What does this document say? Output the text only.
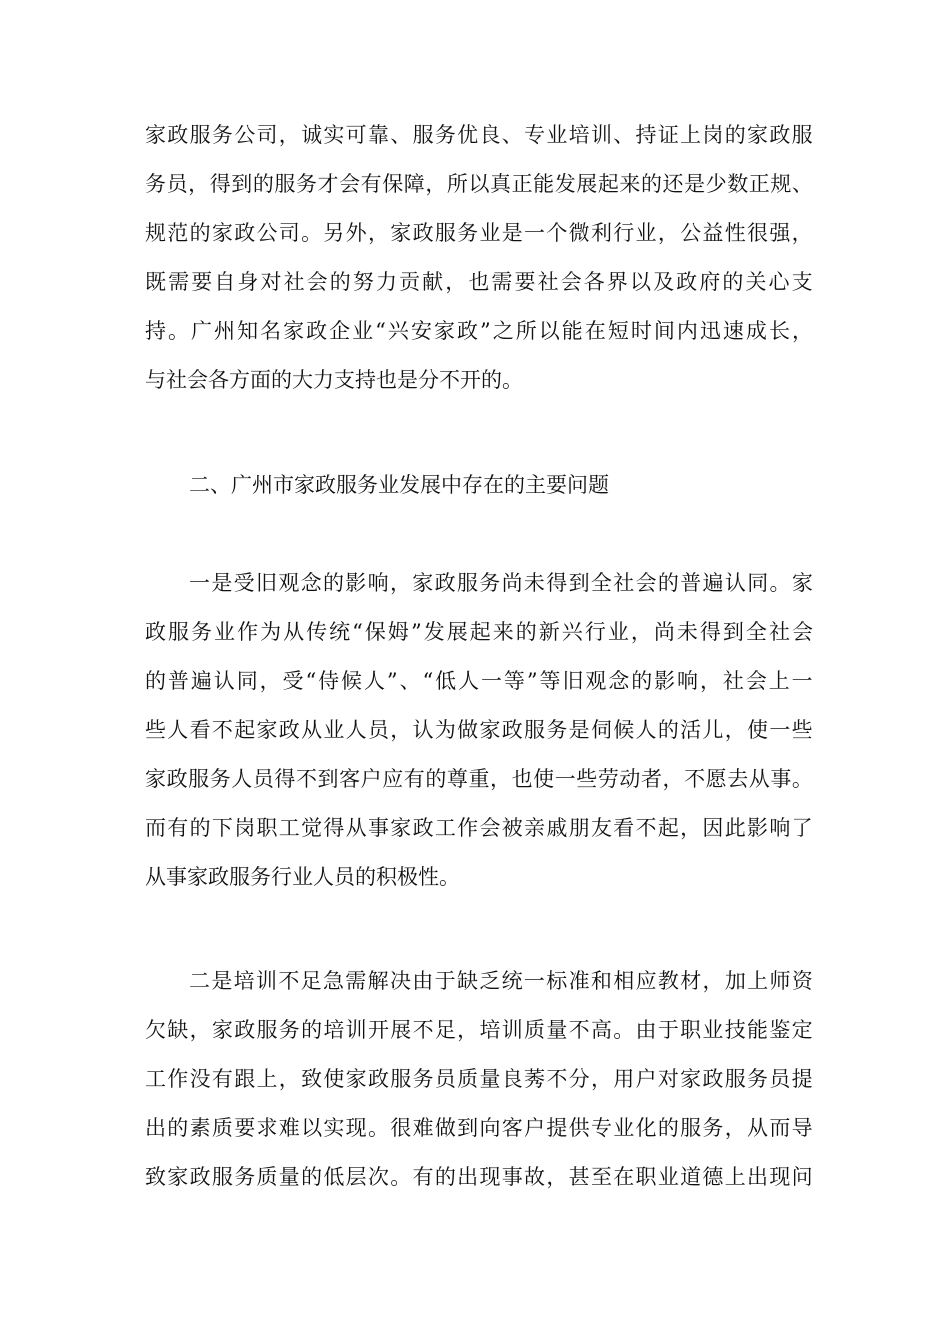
家 政 服 务 公 司 ， 诚 实 可 靠 、 服 务 优 良 、 专 业 培 训 、 持 证 上 岗 的 家 政 服
务 员 ， 得 到 的 服 务 才 会 有 保 障 ， 所 以 真 正 能 发 展 起 来 的 还 是 少 数 正 规 、
规 范 的 家 政 公 司 。 另 外 ， 家 政 服 务 业 是 一 个 微 利 行 业 ， 公 益 性 很 强 ，
既 需 要 自 身 对 社 会 的 努 力 贡 献 ， 也 需 要 社 会 各 界 以 及 政 府 的 关 心 支
持 。 广 州 知 名 家 政 企 业 “ 兴 安 家 政 ” 之 所 以 能 在 短 时 间 内 迅 速 成 长 ，
与社会各方面的大力支持也是分不开的。
二、广州市家政服务业发展中存在的主要问题
一 是 受 旧 观 念 的 影 响 ， 家 政 服 务 尚 未 得 到 全 社 会 的 普 遍 认 同 。 家
政 服 务 业 作 为 从 传 统 “ 保 姆 ” 发 展 起 来 的 新 兴 行 业 ， 尚 未 得 到 全 社 会
的 普 遍 认 同 ， 受 “ 侍 候 人 ” 、 “ 低 人 一 等 ” 等 旧 观 念 的 影 响 ， 社 会 上 一
些 人 看 不 起 家 政 从 业 人 员 ， 认 为 做 家 政 服 务 是 伺 候 人 的 活 儿 ， 使 一 些
家 政 服 务 人 员 得 不 到 客 户 应 有 的 尊 重 ， 也 使 一 些 劳 动 者 ， 不 愿 去 从 事 。
而 有 的 下 岗 职 工 觉 得 从 事 家 政 工 作 会 被 亲 戚 朋 友 看 不 起 ， 因 此 影 响 了
从事家政服务行业人员的积极性。
二 是 培 训 不 足 急 需 解 决 由 于 缺 乏 统 一 标 准 和 相 应 教 材 ， 加 上 师 资
欠 缺 ， 家 政 服 务 的 培 训 开 展 不 足 ， 培 训 质 量 不 高 。 由 于 职 业 技 能 鉴 定
工 作 没 有 跟 上 ， 致 使 家 政 服 务 员 质 量 良 莠 不 分 ， 用 户 对 家 政 服 务 员 提
出 的 素 质 要 求 难 以 实 现 。 很 难 做 到 向 客 户 提 供 专 业 化 的 服 务 ， 从 而 导
致 家 政 服 务 质 量 的 低 层 次 。 有 的 出 现 事 故 ， 甚 至 在 职 业 道 德 上 出 现 问
